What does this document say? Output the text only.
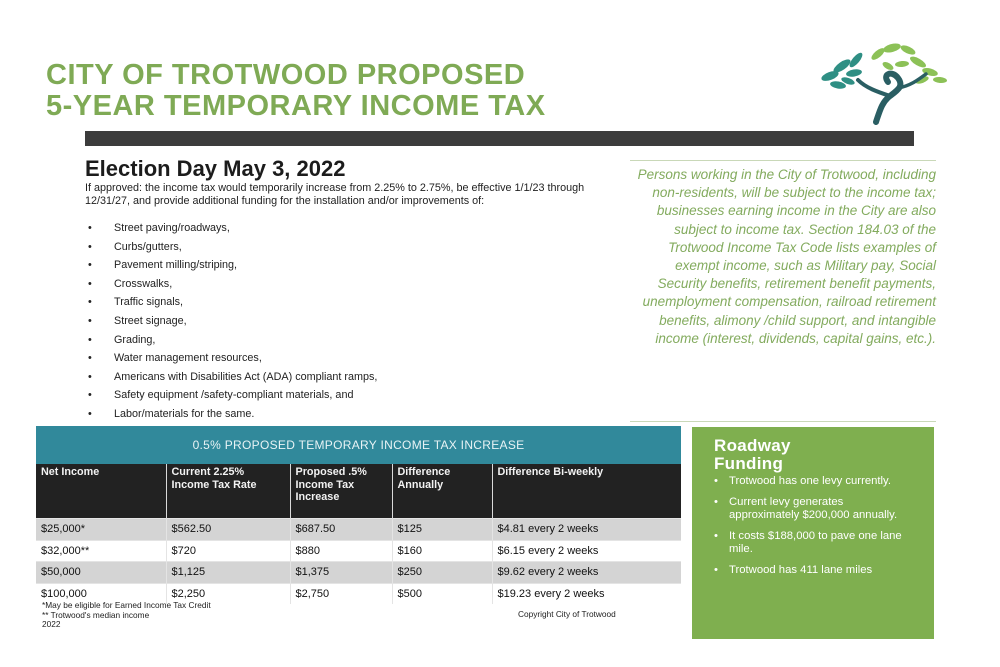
CITY OF TROTWOOD PROPOSED
5-YEAR TEMPORARY INCOME TAX
Election Day May 3, 2022
If approved: the income tax would temporarily increase from 2.25% to 2.75%, be effective 1/1/23 through 12/31/27, and provide additional funding for the installation and/or improvements of:
• Street paving/roadways,
• Curbs/gutters,
• Pavement milling/striping,
• Crosswalks,
• Traffic signals,
• Street signage,
• Grading,
• Water management resources,
• Americans with Disabilities Act (ADA) compliant ramps,
• Safety equipment /safety-compliant materials, and
• Labor/materials for the same.

Persons working in the City of Trotwood, including non-residents, will be subject to the income tax; businesses earning income in the City are also subject to income tax. Section 184.03 of the Trotwood Income Tax Code lists examples of exempt income, such as Military pay, Social Security benefits, retirement benefit payments, unemployment compensation, railroad retirement benefits, alimony /child support, and intangible income (interest, dividends, capital gains, etc.).

0.5% PROPOSED TEMPORARY INCOME TAX INCREASE
Net Income	Current 2.25% Income Tax Rate	Proposed .5% Income Tax Increase	Difference Annually	Difference Bi-weekly
$25,000*	$562.50	$687.50	$125	$4.81 every 2 weeks
$32,000**	$720	$880	$160	$6.15 every 2 weeks
$50,000	$1,125	$1,375	$250	$9.62 every 2 weeks
$100,000	$2,250	$2,750	$500	$19.23 every 2 weeks
*May be eligible for Earned Income Tax Credit
** Trotwood's median income
2022
Copyright City of Trotwood
Roadway
Funding
• Trotwood has one levy currently.
• Current levy generates approximately $200,000 annually.
• It costs $188,000 to pave one lane mile.
• Trotwood has 411 lane miles
